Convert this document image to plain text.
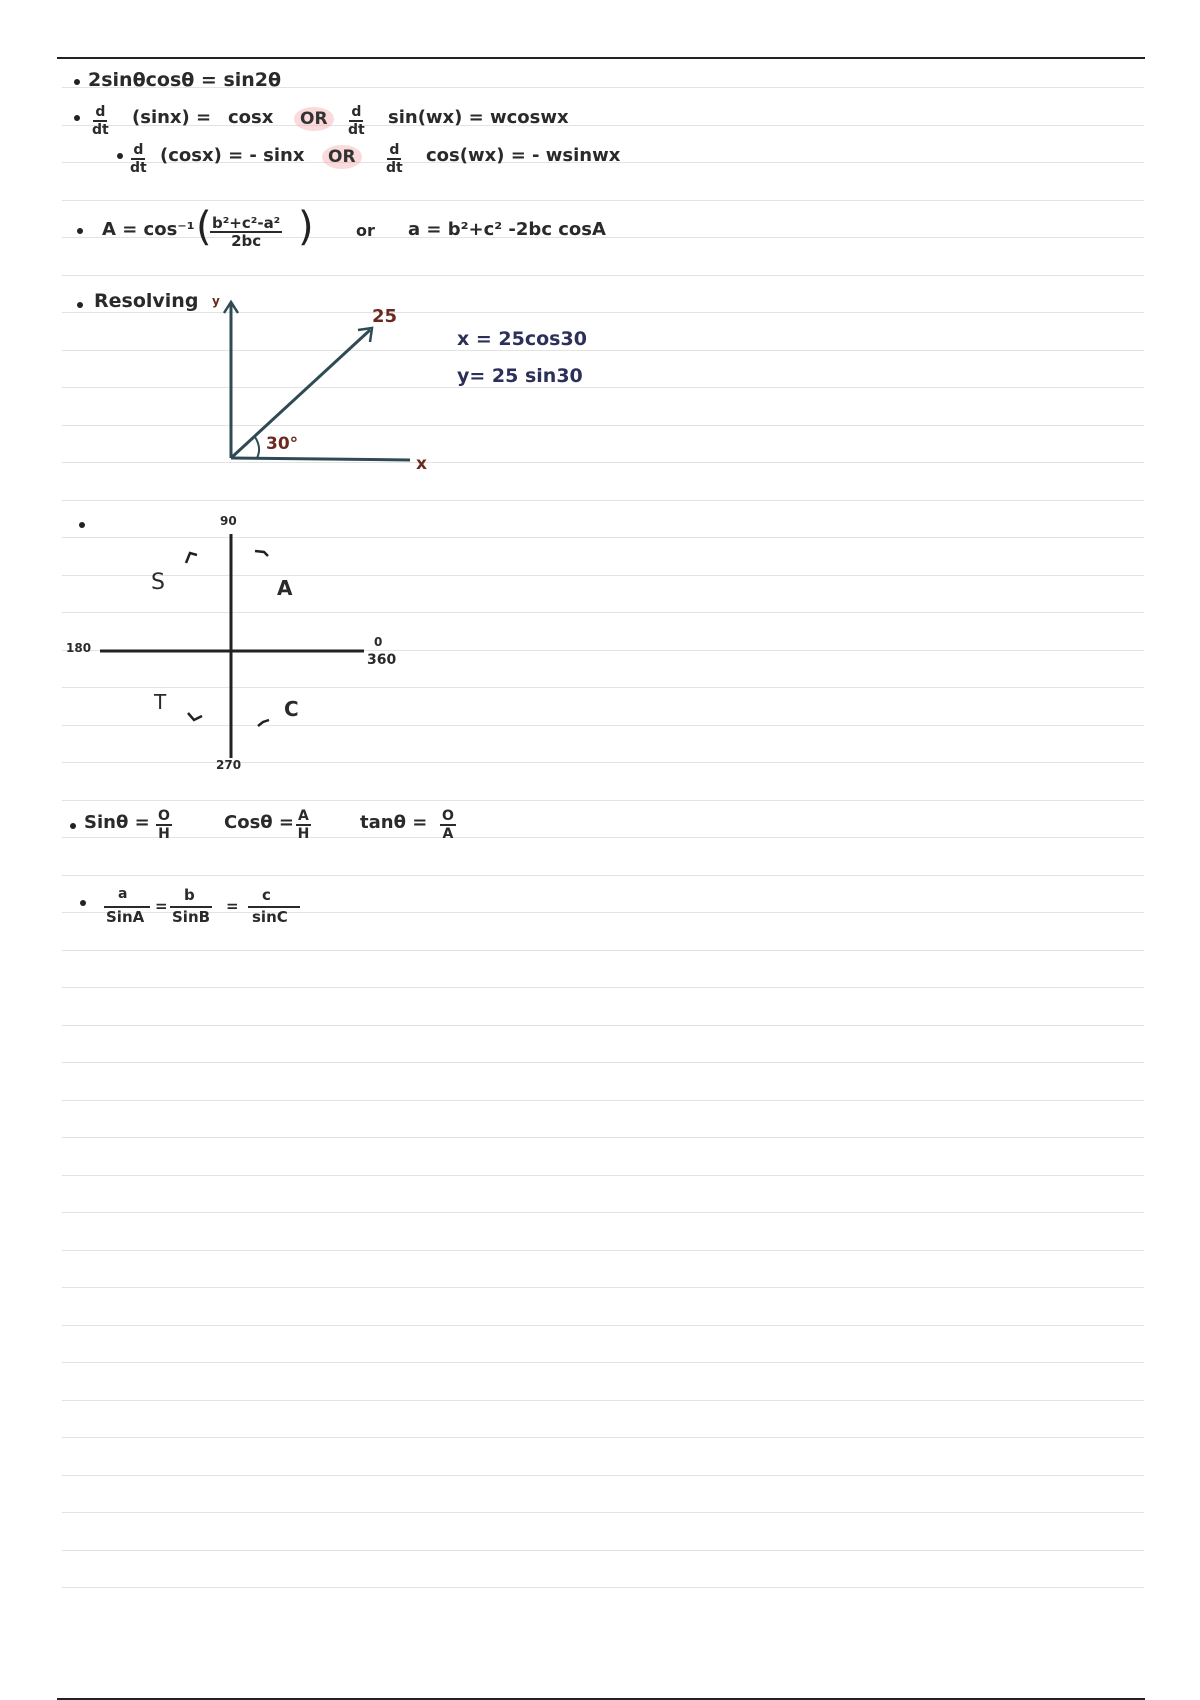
2sinθcosθ = sin2θ
$\frac{d}{dt} (\sin x) = \cos x$	OR	$\frac{d}{dt} \sin(wx)$ = wcoswx
$\frac{d}{dt} (\cos x)$ = - sinx	OR	$\frac{d}{dt} \cos(wx)$ = - wsinwx
A = cos⁻¹ (
$\frac{\text{b²+c²-a²}}{2bc}$ )	or a = b²+c² -2bc cosA
Resolving y
x
25
30°
x = 25cos30
y= 25 sin30
90
180	0
360
270
S	A
T	C
$Sin\theta = \frac{O}{H}$	$Cos\theta = \frac{A}{H}$	$\tan\theta = \frac{O}{A}$
a
SinA
=
b
SinB
=
c
sinC
